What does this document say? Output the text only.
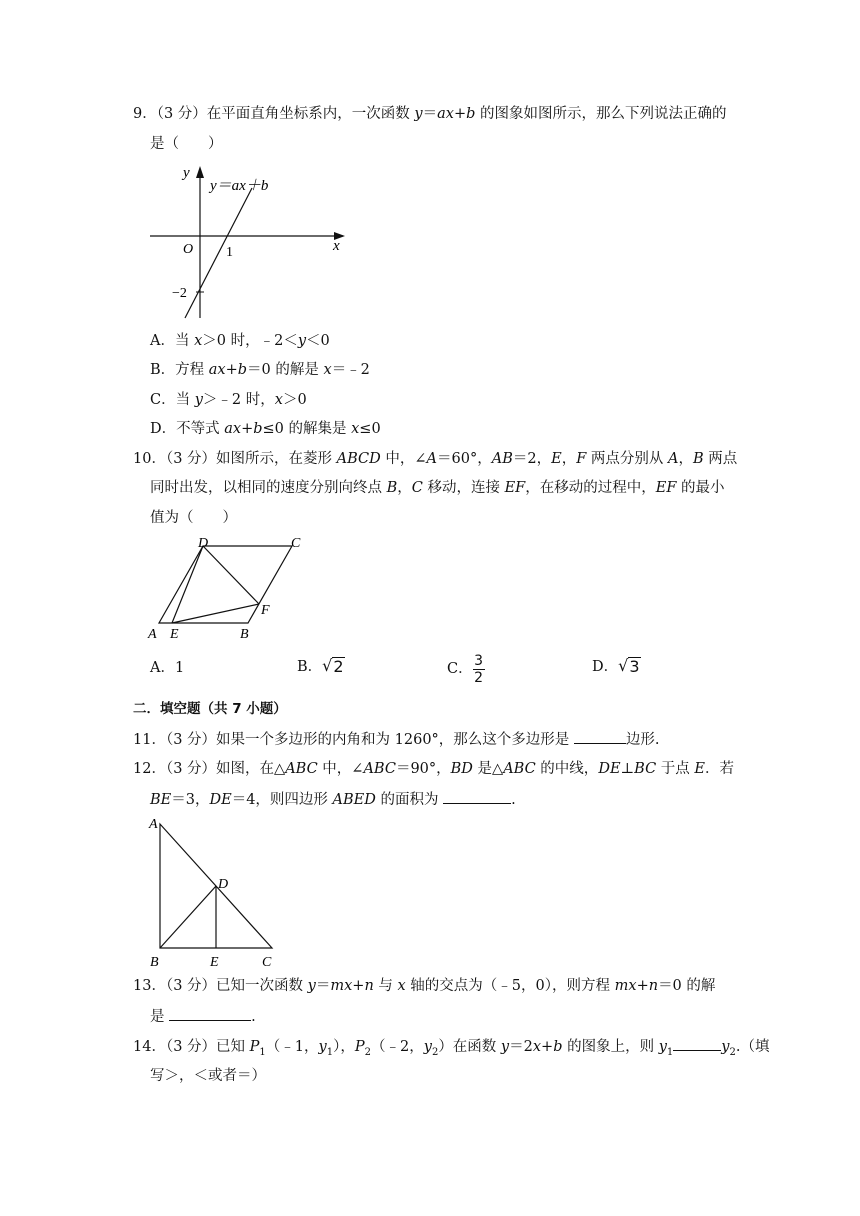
9．（3 分）在平面直角坐标系内，一次函数 y＝ax+b 的图象如图所示，那么下列说法正确的
是（　　）
y
y＝ax＋b
x
O 1
−2
A．当 x＞0 时，﹣2＜y＜0
B．方程 ax+b＝0 的解是 x＝﹣2
C．当 y＞﹣2 时，x＞0
D．不等式 ax+b≤0 的解集是 x≤0
10．（3 分）如图所示，在菱形 ABCD 中，∠A＝60°，AB＝2，E，F 两点分别从 A，B 两点
同时出发，以相同的速度分别向终点 B，C 移动，连接 EF，在移动的过程中，EF 的最小
值为（　　）
A E	B
C
D
F
A．1	B．√ 2	C． $\frac{3}{2}$	D．√ 3
二．填空题（共 7 小题）
11．（3 分）如果一个多边形的内角和为 1260°，那么这个多边形是	边形.
12．（3 分）如图，在△ABC 中，∠ABC＝90°，BD 是△ABC 的中线，DE⊥BC 于点 E．若
BE＝3，DE＝4，则四边形 ABED 的面积为	.
A
B	E	C
D
13．（3 分）已知一次函数 y＝mx+n 与 x 轴的交点为（﹣5，0），则方程 mx+n＝0 的解
是	.
14．（3 分）已知 $P_1(﹣1$，$y_1$），$P_2(﹣2$，$y_2$）在函数 y＝2x+b 的图象上，则 $y_1$	$y_2$.（填
写＞，＜或者＝）
